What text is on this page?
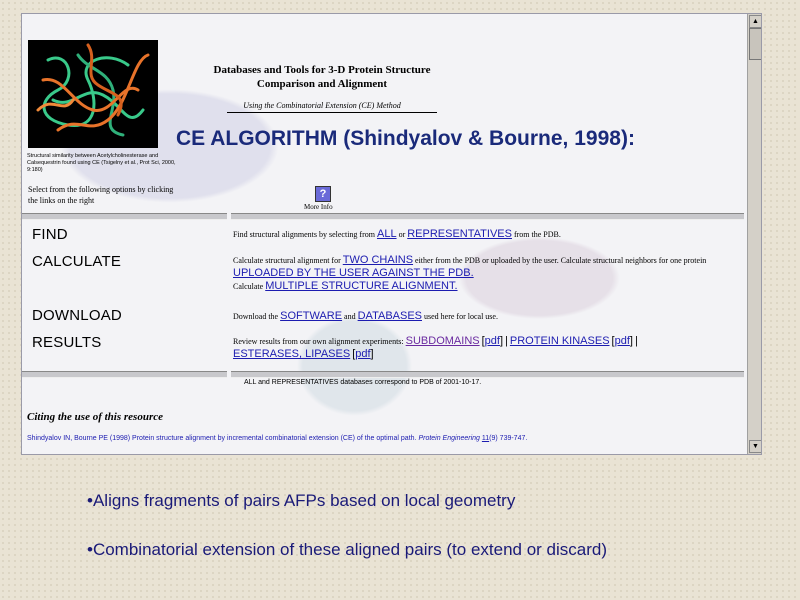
Structural similarity between Acetylcholinesterase and Calsequestrin found using CE (Tsigelny et al., Prot Sci, 2000, 9:180)
Databases and Tools for 3-D Protein Structure
Comparison and Alignment
Using the Combinatorial Extension (CE) Method
CE ALGORITHM (Shindyalov & Bourne, 1998):
Select from the following options by clicking the links on the right
?
More Info
FIND	Find structural alignments by selecting from ALL or REPRESENTATIVES from the PDB.
CALCULATE	Calculate structural alignment for TWO CHAINS either from the PDB or uploaded by the user. Calculate structural neighbors for one protein UPLOADED BY THE USER AGAINST THE PDB.
Calculate MULTIPLE STRUCTURE ALIGNMENT.
DOWNLOAD	Download the SOFTWARE and DATABASES used here for local use.
RESULTS	Review results from our own alignment experiments: SUBDOMAINS [pdf] | PROTEIN KINASES [pdf] |
ESTERASES, LIPASES [pdf]
ALL and REPRESENTATIVES databases correspond to PDB of 2001-10-17.
Citing the use of this resource
Shindyalov IN, Bourne PE (1998) Protein structure alignment by incremental combinatorial extension (CE) of the optimal path. Protein Engineering 11(9) 739-747.
▲
▼
•Aligns fragments of pairs AFPs based on local geometry
•Combinatorial extension of these aligned pairs (to extend or discard)
